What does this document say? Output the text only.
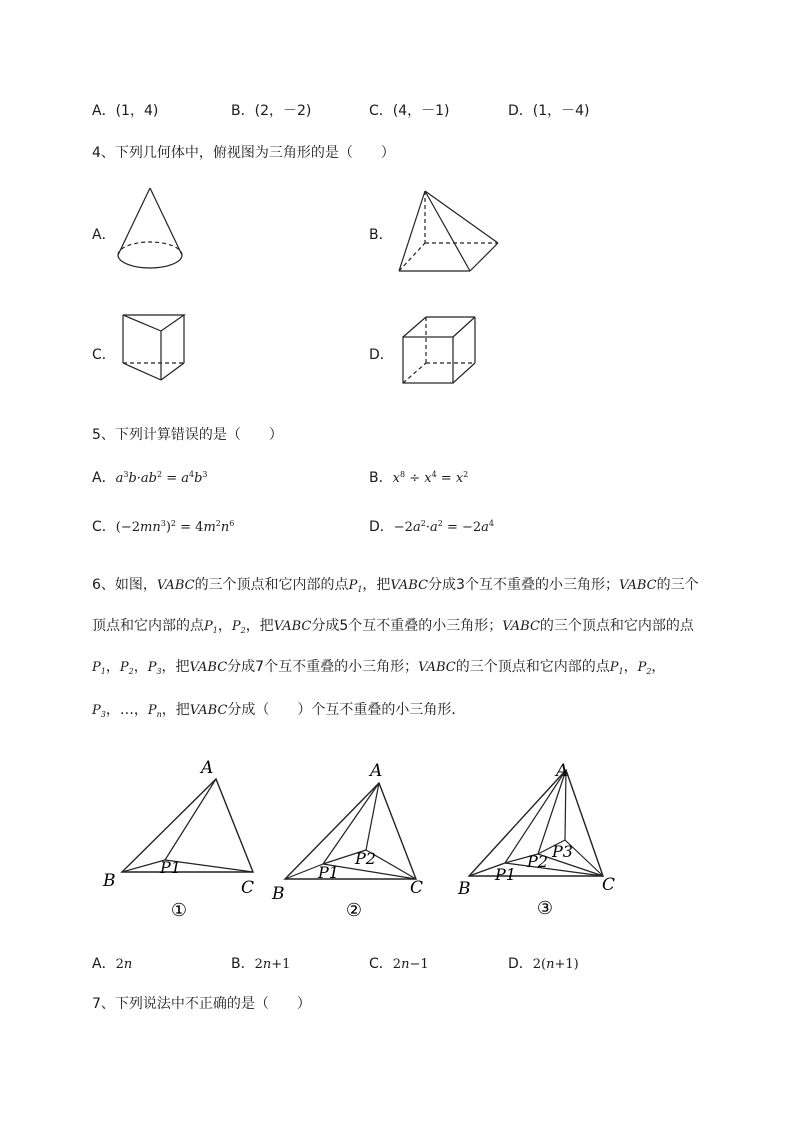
A．(1，4)	B．(2，－2)	C．(4，－1)	D．(1，－4)
4、下列几何体中，俯视图为三角形的是（　　）
A．	B．
C．	D．
5、下列计算错误的是（　　）
A．$a^3b\cdot ab^2 = a^4b^3$	B．$x^8 \div x^4 = x^2$
C．$(-2mn^3)^2 = 4m^2n^6$	D．$-2a^2\cdot a^2 = -2a^4$
6、如图，VABC的三个顶点和它内部的点$P_1$，把VABC分成3个互不重叠的小三角形；VABC的三个
顶点和它内部的点$P_1$，$P_2$，把VABC分成5个互不重叠的小三角形；VABC的三个顶点和它内部的点
$P_1$，$P_2$，$P_3$，把VABC分成7个互不重叠的小三角形；VABC的三个顶点和它内部的点$P_1$，$P_2$，
$P_3$，…，$P_n$，把VABC分成（　　）个互不重叠的小三角形．
A
B	C
P1
①
A
B	C
P1
P2
②
A
B	C
P1
P2
P3
③
A．2n	B．2n+1	C．2n−1	D．2(n+1)
7、下列说法中不正确的是（　　）
